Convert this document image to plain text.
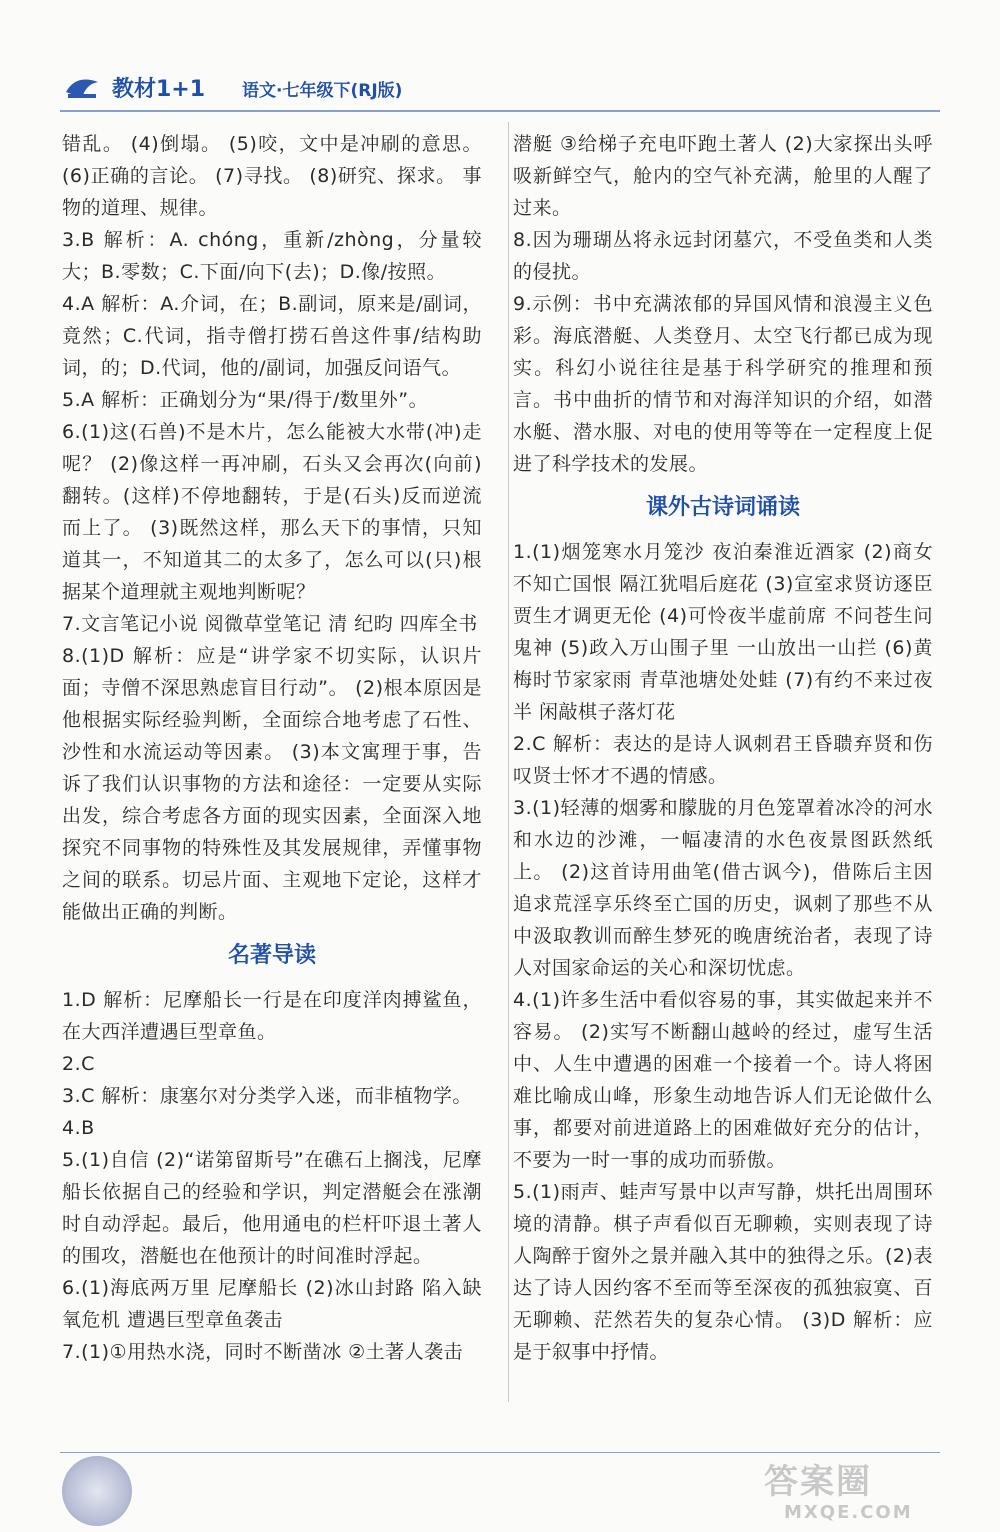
教材1+1 语文·七年级下(RJ版)

错乱。 (4)倒塌。 (5)咬，文中是冲刷的意思。 (6)正确的言论。 (7)寻找。 (8)研究、探求。 事物的道理、规律。

3.B 解析：A. chóng，重新/zhòng，分量较大；B.零数；C.下面/向下(去)；D.像/按照。

4.A 解析：A.介词，在；B.副词，原来是/副词，竟然；C.代词，指寺僧打捞石兽这件事/结构助词，的；D.代词，他的/副词，加强反问语气。

5.A 解析：正确划分为“果/得于/数里外”。

6.(1)这(石兽)不是木片，怎么能被大水带(冲)走呢？ (2)像这样一再冲刷，石头又会再次(向前)翻转。(这样)不停地翻转，于是(石头)反而逆流而上了。 (3)既然这样，那么天下的事情，只知道其一，不知道其二的太多了，怎么可以(只)根据某个道理就主观地判断呢？

7.文言笔记小说 阅微草堂笔记 清 纪昀 四库全书

8.(1)D 解析：应是“讲学家不切实际，认识片面；寺僧不深思熟虑盲目行动”。 (2)根本原因是他根据实际经验判断，全面综合地考虑了石性、沙性和水流运动等因素。 (3)本文寓理于事，告诉了我们认识事物的方法和途径：一定要从实际出发，综合考虑各方面的现实因素，全面深入地探究不同事物的特殊性及其发展规律，弄懂事物之间的联系。切忌片面、主观地下定论，这样才能做出正确的判断。

名著导读

1.D 解析：尼摩船长一行是在印度洋肉搏鲨鱼，在大西洋遭遇巨型章鱼。

2.C

3.C 解析：康塞尔对分类学入迷，而非植物学。

4.B

5.(1)自信 (2)“诺第留斯号”在礁石上搁浅，尼摩船长依据自己的经验和学识，判定潜艇会在涨潮时自动浮起。最后，他用通电的栏杆吓退土著人的围攻，潜艇也在他预计的时间准时浮起。

6.(1)海底两万里 尼摩船长 (2)冰山封路 陷入缺氧危机 遭遇巨型章鱼袭击

7.(1)①用热水浇，同时不断凿冰 ②土著人袭击

潜艇 ③给梯子充电吓跑土著人 (2)大家探出头呼吸新鲜空气，舱内的空气补充满，舱里的人醒了过来。

8.因为珊瑚丛将永远封闭墓穴，不受鱼类和人类的侵扰。

9.示例：书中充满浓郁的异国风情和浪漫主义色彩。海底潜艇、人类登月、太空飞行都已成为现实。科幻小说往往是基于科学研究的推理和预言。书中曲折的情节和对海洋知识的介绍，如潜水艇、潜水服、对电的使用等等在一定程度上促进了科学技术的发展。

课外古诗词诵读

1.(1)烟笼寒水月笼沙 夜泊秦淮近酒家 (2)商女不知亡国恨 隔江犹唱后庭花 (3)宣室求贤访逐臣 贾生才调更无伦 (4)可怜夜半虚前席 不问苍生问鬼神 (5)政入万山围子里 一山放出一山拦 (6)黄梅时节家家雨 青草池塘处处蛙 (7)有约不来过夜半 闲敲棋子落灯花

2.C 解析：表达的是诗人讽刺君王昏聩弃贤和伤叹贤士怀才不遇的情感。

3.(1)轻薄的烟雾和朦胧的月色笼罩着冰冷的河水和水边的沙滩，一幅凄清的水色夜景图跃然纸上。 (2)这首诗用曲笔(借古讽今)，借陈后主因追求荒淫享乐终至亡国的历史，讽刺了那些不从中汲取教训而醉生梦死的晚唐统治者，表现了诗人对国家命运的关心和深切忧虑。

4.(1)许多生活中看似容易的事，其实做起来并不容易。 (2)实写不断翻山越岭的经过，虚写生活中、人生中遭遇的困难一个接着一个。诗人将困难比喻成山峰，形象生动地告诉人们无论做什么事，都要对前进道路上的困难做好充分的估计，不要为一时一事的成功而骄傲。

5.(1)雨声、蛙声写景中以声写静，烘托出周围环境的清静。棋子声看似百无聊赖，实则表现了诗人陶醉于窗外之景并融入其中的独得之乐。(2)表达了诗人因约客不至而等至深夜的孤独寂寞、百无聊赖、茫然若失的复杂心情。 (3)D 解析：应是于叙事中抒情。

答案圈
MXQE.COM
